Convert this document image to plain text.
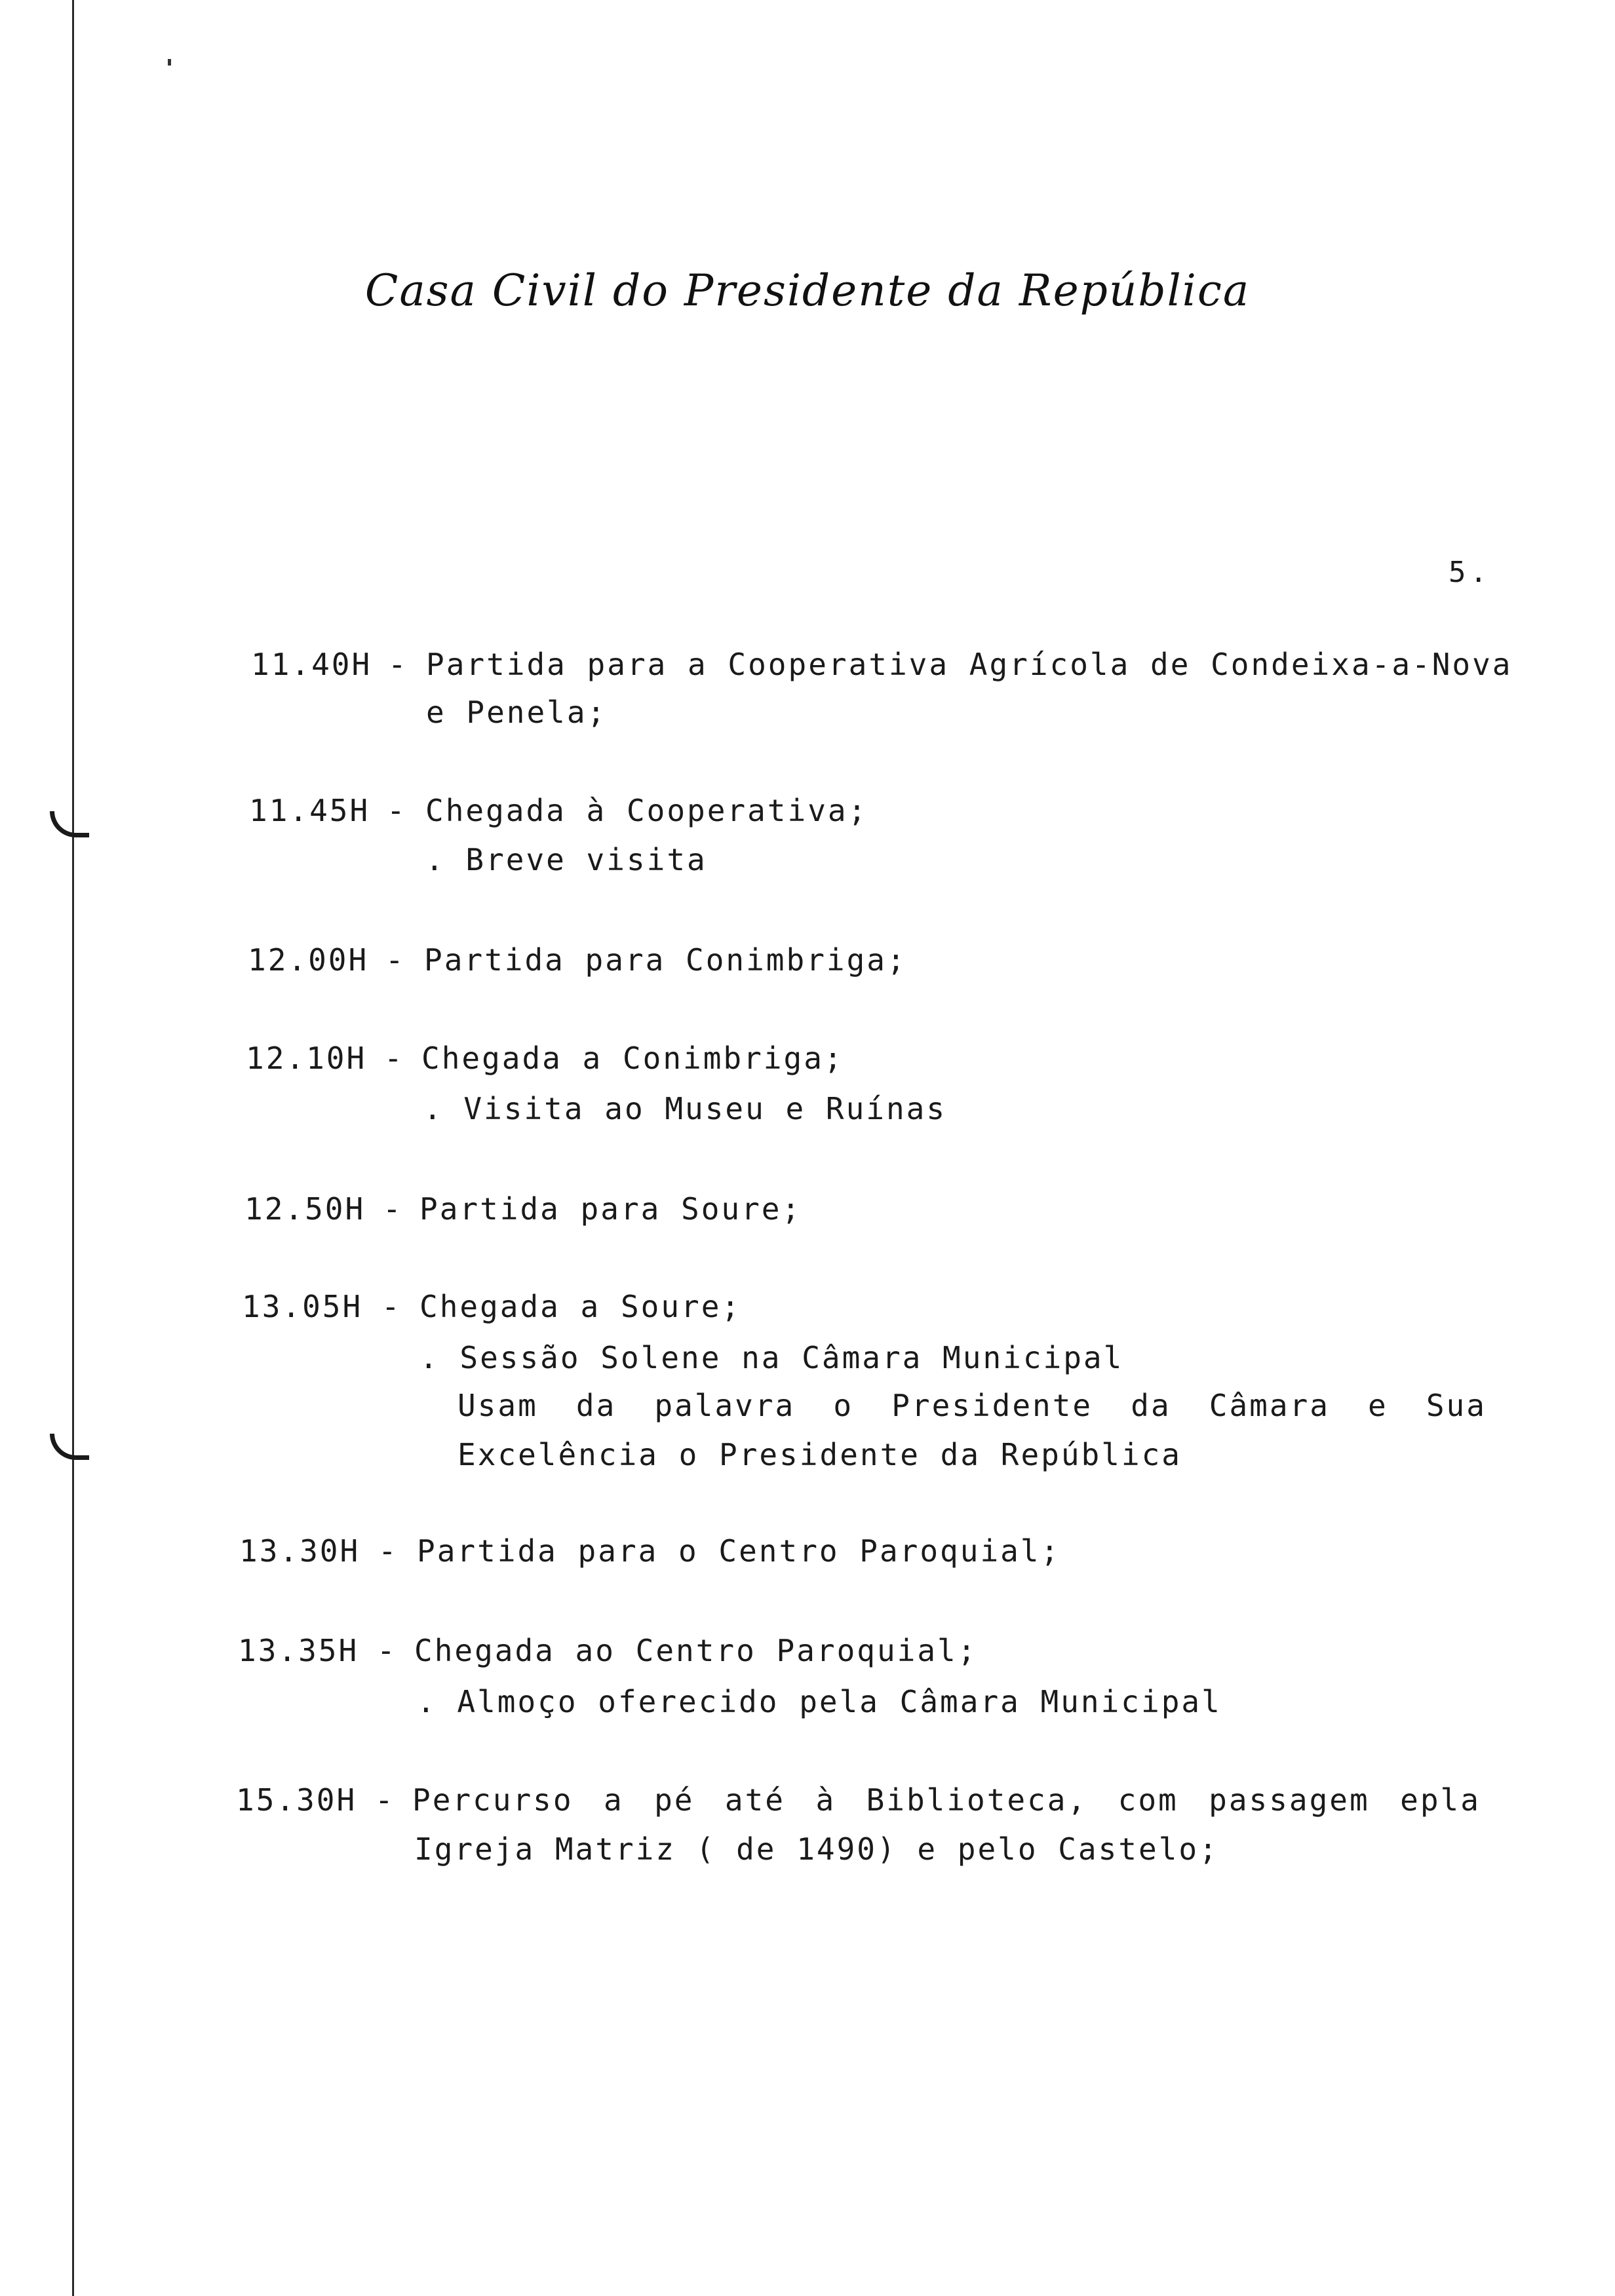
Casa Civil do Presidente da República
5.
11.40H - Partida para a Cooperativa Agrícola de Condeixa-a-Nova
e Penela;
11.45H - Chegada à Cooperativa;
. Breve visita
12.00H - Partida para Conimbriga;
12.10H - Chegada a Conimbriga;
. Visita ao Museu e Ruínas
12.50H - Partida para Soure;
13.05H - Chegada a Soure;
. Sessão Solene na Câmara Municipal
Usam da palavra o Presidente da Câmara e Sua
Excelência o Presidente da República
13.30H - Partida para o Centro Paroquial;
13.35H - Chegada ao Centro Paroquial;
. Almoço oferecido pela Câmara Municipal
15.30H - Percurso a pé até à Biblioteca, com passagem epla
Igreja Matriz ( de 1490) e pelo Castelo;
